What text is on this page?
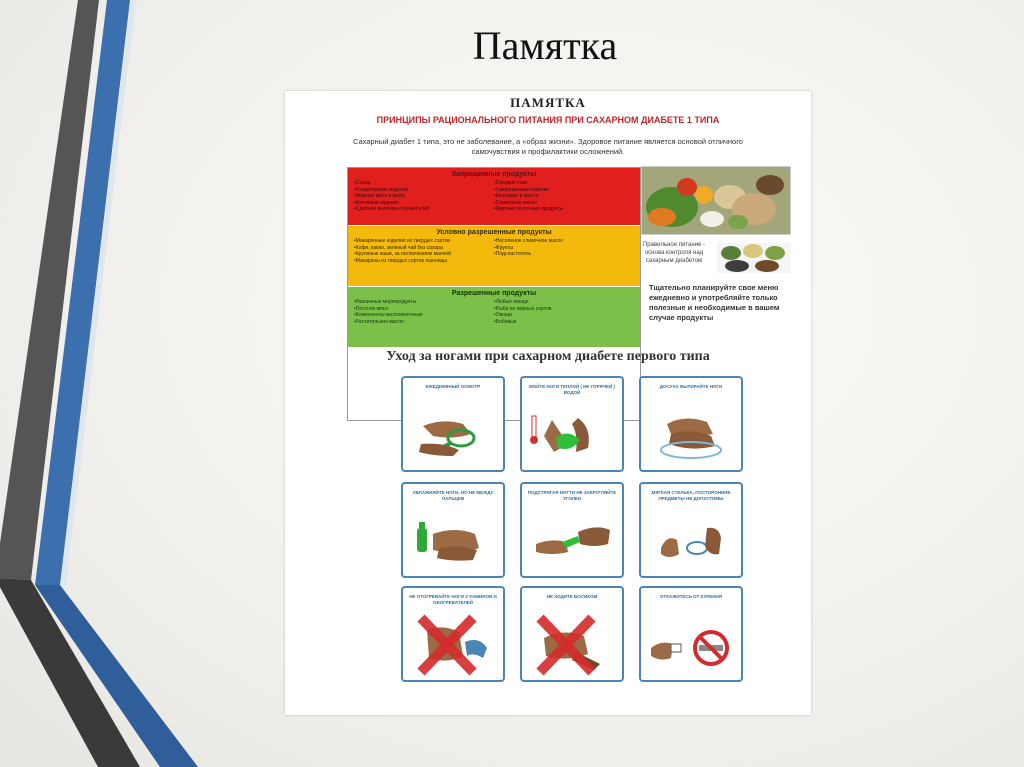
Памятка
ПАМЯТКА
ПРИНЦИПЫ РАЦИОНАЛЬНОГО ПИТАНИЯ ПРИ САХАРНОМ ДИАБЕТЕ 1 ТИПА
Сахарный диабет 1 типа, это не заболевание, а «образ жизни». Здоровое питание является основой отличного самочувствия и профилактики осложнений.
Запрещенные продукты
• Сахар
• Кондитерские изделия
• Жирное мясо и рыба
• Копченые изделия
• Сдобная выпечка и белый хлеб
• Сладкие соки
• Газированные напитки
• Консервы в масле
• Сливочное масло
• Жирные молочные продукты
Условно разрешенные продукты
• Макаронные изделия из твердых сортов
• Кофе, какао, зеленый чай без сахара
• Крупяные каши, за исключением манной
• Макароны из твердых сортов пшеницы
• Несоленое сливочное масло
• Фрукты
• Подсластитель
Разрешенные продукты
• Различные морепродукты
• Постное мясо
• Компоненты кисломолочные
• Растительное масло
• Любые овощи
• Рыба не жирных сортов
• Овощи
• Бобовые
Правильное питание - основа контроля над сахарным диабетом
Тщательно планируйте свое меню ежедневно и употребляйте только полезные и необходимые в вашем случае продукты
Уход за ногами при сахарном диабете первого типа
ЕЖЕДНЕВНЫЙ ОСМОТР	МОЙТЕ НОГИ ТЕПЛОЙ ( НЕ ГОРЯЧЕЙ ) ВОДОЙ
ДОСУХА ВЫТИРАЙТЕ НОГИ
УВЛАЖНЯЙТЕ НОГИ, НО НЕ МЕЖДУ ПАЛЬЦЕВ
ПОДСТРИГАЯ НОГТИ НЕ ЗАКРУГЛЯЙТЕ УГОЛКИ
МЯГКАЯ СТЕЛЬКА, ПОСТОРОННИЕ ПРЕДМЕТЫ НЕ ДОПУСТИМЫ
НЕ ОТОГРЕВАЙТЕ НОГИ У КАМИНОВ И ОБОГРЕВАТЕЛЕЙ
НЕ ХОДИТЕ БОСИКОМ	ОТКАЖИТЕСЬ ОТ КУРЕНИЯ
